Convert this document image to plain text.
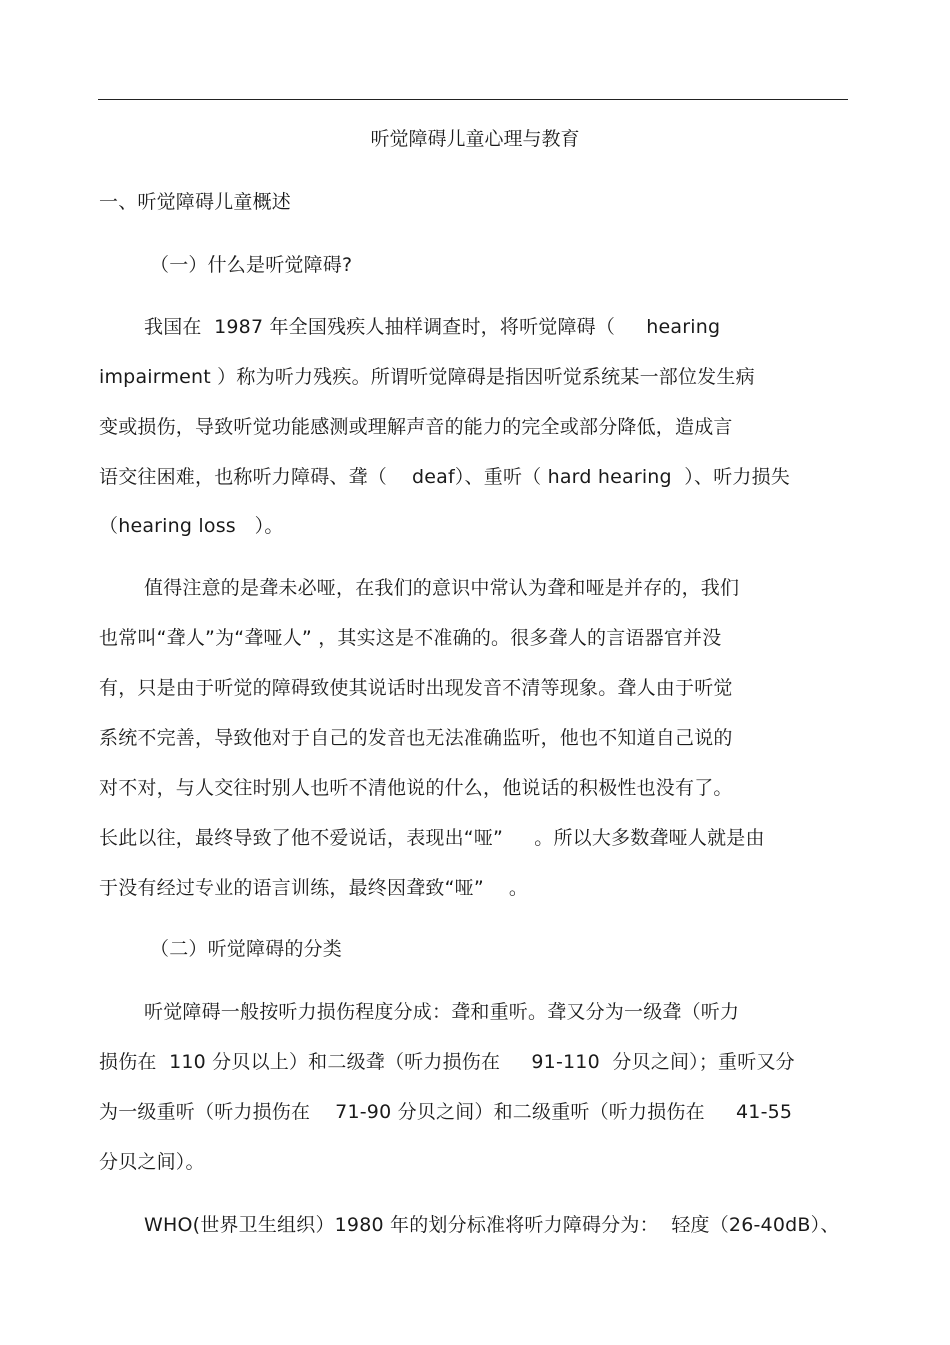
听觉障碍儿童心理与教育
一、听觉障碍儿童概述
（一）什么是听觉障碍?
我国在  1987 年全国残疾人抽样调查时，将听觉障碍（     hearing
impairment ）称为听力残疾。所谓听觉障碍是指因听觉系统某一部位发生病
变或损伤，导致听觉功能感测或理解声音的能力的完全或部分降低，造成言
语交往困难，也称听力障碍、聋（    deaf）、重听（ hard hearing  ）、听力损失
（hearing loss   ）。
值得注意的是聋未必哑，在我们的意识中常认为聋和哑是并存的，我们
也常叫“聋人”为“聋哑人” ，其实这是不准确的。很多聋人的言语器官并没
有，只是由于听觉的障碍致使其说话时出现发音不清等现象。聋人由于听觉
系统不完善，导致他对于自己的发音也无法准确监听，他也不知道自己说的
对不对，与人交往时别人也听不清他说的什么，他说话的积极性也没有了。
长此以往，最终导致了他不爱说话，表现出“哑”     。所以大多数聋哑人就是由
于没有经过专业的语言训练，最终因聋致“哑”    。
（二）听觉障碍的分类
听觉障碍一般按听力损伤程度分成：聋和重听。聋又分为一级聋（听力
损伤在  110 分贝以上）和二级聋（听力损伤在     91-110  分贝之间）；重听又分
为一级重听（听力损伤在    71-90 分贝之间）和二级重听（听力损伤在     41-55
分贝之间）。
WHO(世界卫生组织）1980 年的划分标准将听力障碍分为：  轻度（26-40dB）、
